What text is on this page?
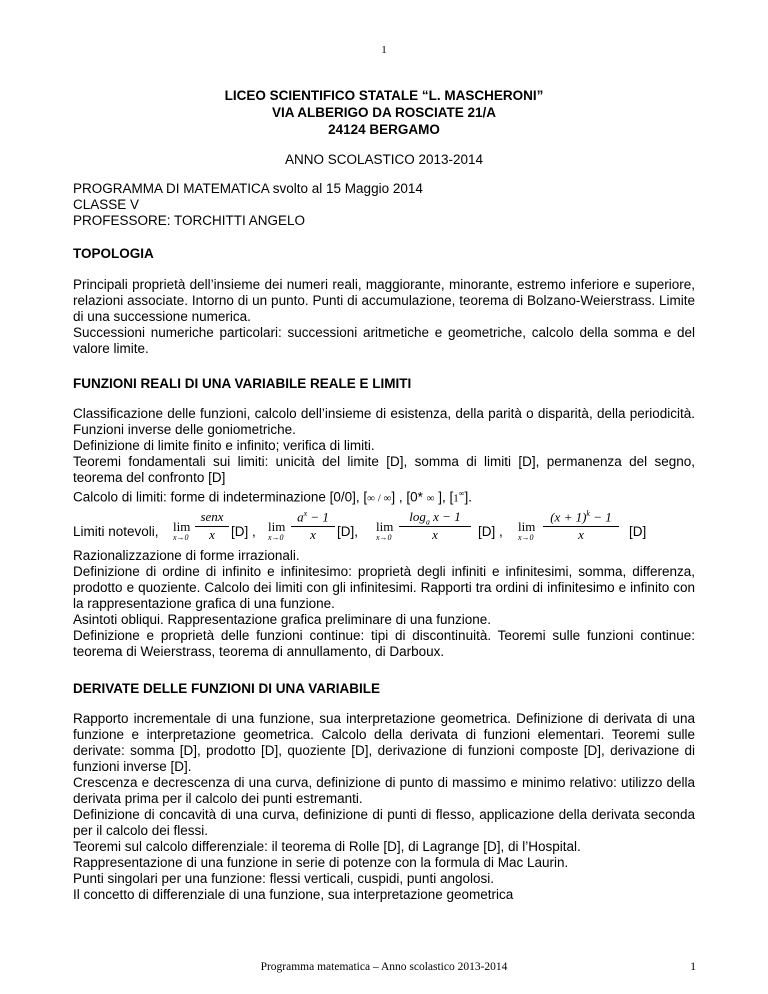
1
LICEO SCIENTIFICO STATALE “L. MASCHERONI”
VIA ALBERIGO DA ROSCIATE 21/A
24124 BERGAMO
ANNO SCOLASTICO 2013-2014
PROGRAMMA DI MATEMATICA svolto al 15 Maggio 2014
CLASSE V
PROFESSORE: TORCHITTI ANGELO
TOPOLOGIA

Principali proprietà dell’insieme dei numeri reali, maggiorante, minorante, estremo inferiore e superiore, relazioni associate. Intorno di un punto. Punti di accumulazione, teorema di Bolzano-Weierstrass. Limite di una successione numerica.

Successioni numeriche particolari: successioni aritmetiche e geometriche, calcolo della somma e del valore limite.

FUNZIONI REALI DI UNA VARIABILE REALE E LIMITI

Classificazione delle funzioni, calcolo dell’insieme di esistenza, della parità o disparità, della periodicità. Funzioni inverse delle goniometriche.

Definizione di limite finito e infinito; verifica di limiti.

Teoremi fondamentali sui limiti: unicità del limite [D], somma di limiti [D], permanenza del segno, teorema del confronto [D]

Calcolo di limiti: forme di indeterminazione [0/0], [∞ / ∞] , [0* ∞ ], [1∞].

Limiti notevoli, lim
x→0
senx
x	[D] , lim
x→0
$a^x - 1$
x	[D], lim
x→0
$\log_a x - 1$
x	[D] , lim
x→0
$(x + 1)^k - 1$
x	[D]

Razionalizzazione di forme irrazionali.

Definizione di ordine di infinito e infinitesimo: proprietà degli infiniti e infinitesimi, somma, differenza, prodotto e quoziente. Calcolo dei limiti con gli infinitesimi. Rapporti tra ordini di infinitesimo e infinito con la rappresentazione grafica di una funzione.

Asintoti obliqui. Rappresentazione grafica preliminare di una funzione.

Definizione e proprietà delle funzioni continue: tipi di discontinuità. Teoremi sulle funzioni continue: teorema di Weierstrass, teorema di annullamento, di Darboux.

DERIVATE DELLE FUNZIONI DI UNA VARIABILE

Rapporto incrementale di una funzione, sua interpretazione geometrica. Definizione di derivata di una funzione e interpretazione geometrica. Calcolo della derivata di funzioni elementari. Teoremi sulle derivate: somma [D], prodotto [D], quoziente [D], derivazione di funzioni composte [D], derivazione di funzioni inverse [D].

Crescenza e decrescenza di una curva, definizione di punto di massimo e minimo relativo: utilizzo della derivata prima per il calcolo dei punti estremanti.

Definizione di concavità di una curva, definizione di punti di flesso, applicazione della derivata seconda per il calcolo dei flessi.

Teoremi sul calcolo differenziale: il teorema di Rolle [D], di Lagrange [D], di l’Hospital.

Rappresentazione di una funzione in serie di potenze con la formula di Mac Laurin.

Punti singolari per una funzione: flessi verticali, cuspidi, punti angolosi.

Il concetto di differenziale di una funzione, sua interpretazione geometrica

Programma matematica – Anno scolastico 2013-2014	1
